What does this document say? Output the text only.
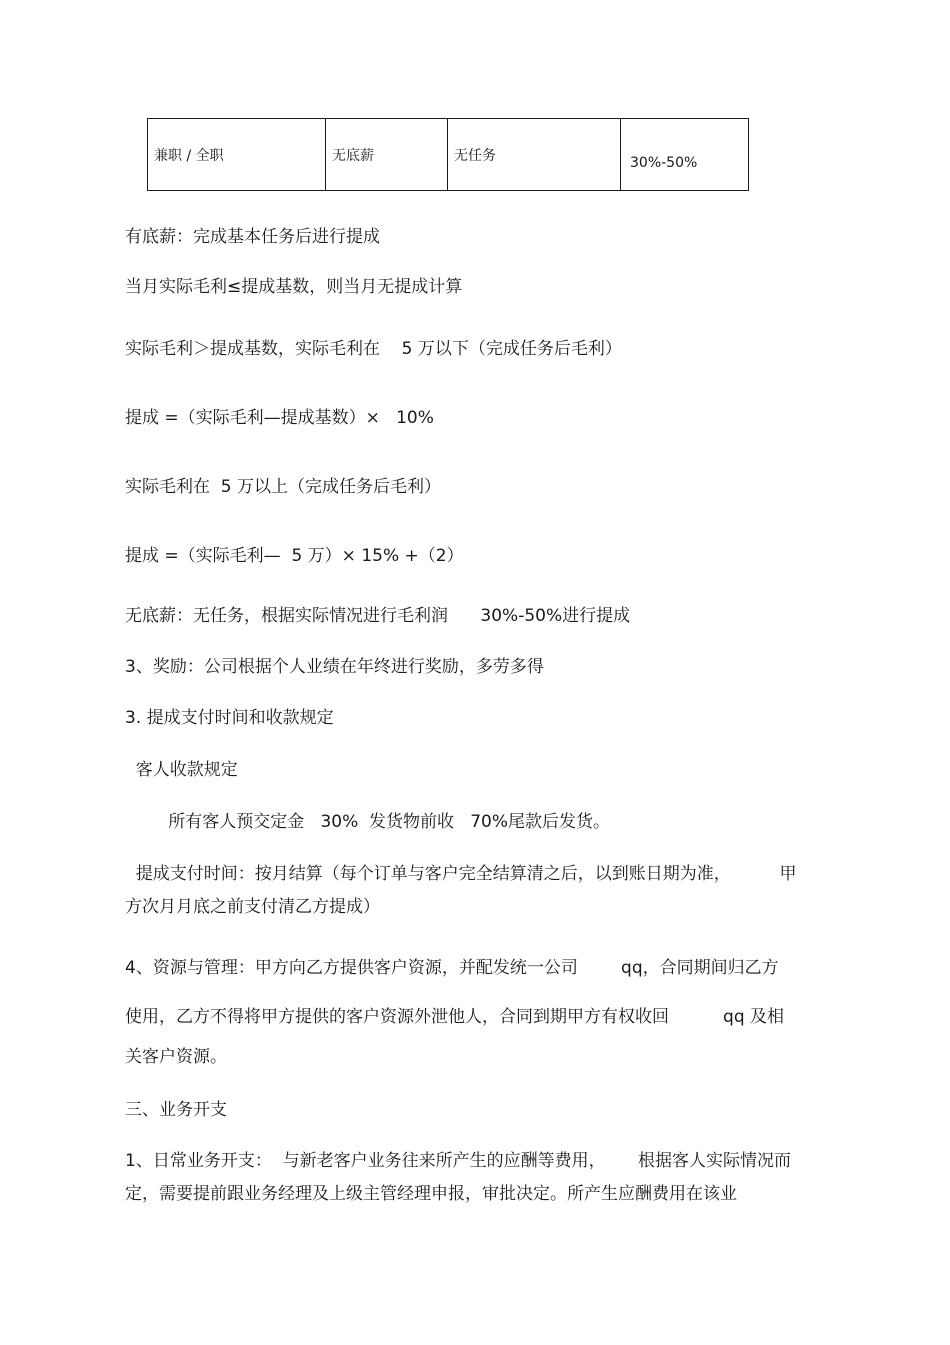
兼职 / 全职	无底薪	无任务	30%-50%
有底薪：完成基本任务后进行提成
当月实际毛利≤提成基数，则当月无提成计算
实际毛利＞提成基数，实际毛利在    5 万以下（完成任务后毛利）
提成 =（实际毛利—提成基数）×   10%
实际毛利在  5 万以上（完成任务后毛利）
提成 =（实际毛利—  5 万）× 15% +（2）
无底薪：无任务，根据实际情况进行毛利润      30%-50%进行提成
3、奖励：公司根据个人业绩在年终进行奖励，多劳多得
3. 提成支付时间和收款规定
客人收款规定
所有客人预交定金   30%  发货物前收   70%尾款后发货。
提成支付时间：按月结算（每个订单与客户完全结算清之后，以到账日期为准，         甲
方次月月底之前支付清乙方提成）
4、资源与管理：甲方向乙方提供客户资源，并配发统一公司        qq，合同期间归乙方
使用，乙方不得将甲方提供的客户资源外泄他人，合同到期甲方有权收回          qq 及相
关客户资源。
三、业务开支
1、日常业务开支：  与新老客户业务往来所产生的应酬等费用，      根据客人实际情况而
定，需要提前跟业务经理及上级主管经理申报，审批决定。所产生应酬费用在该业
